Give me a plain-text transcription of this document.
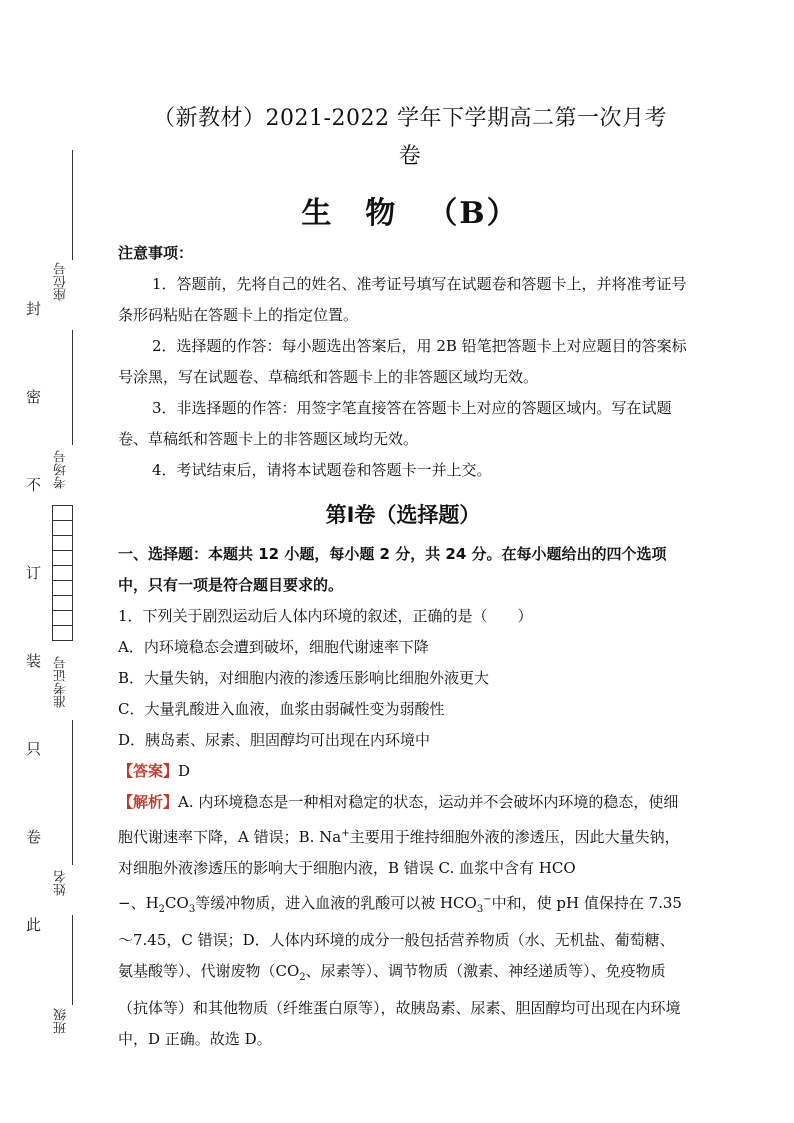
封
密
不
订
装
只
卷
此
座位号
考场号
准考证号
姓名
班级
（新教材）2021-2022 学年下学期高二第一次月考
卷
生　物 （B）

注意事项：

1．答题前，先将自己的姓名、准考证号填写在试题卷和答题卡上，并将准考证号条形码粘贴在答题卡上的指定位置。

2．选择题的作答：每小题选出答案后，用 2B 铅笔把答题卡上对应题目的答案标号涂黑，写在试题卷、草稿纸和答题卡上的非答题区域均无效。

3．非选择题的作答：用签字笔直接答在答题卡上对应的答题区域内。写在试题卷、草稿纸和答题卡上的非答题区域均无效。

4．考试结束后，请将本试题卷和答题卡一并上交。

第Ⅰ卷（选择题）

一、选择题：本题共 12 小题，每小题 2 分，共 24 分。在每小题给出的四个选项中，只有一项是符合题目要求的。

1．下列关于剧烈运动后人体内环境的叙述，正确的是（　　）

A．内环境稳态会遭到破坏，细胞代谢速率下降

B．大量失钠，对细胞内液的渗透压影响比细胞外液更大

C．大量乳酸进入血液，血浆由弱碱性变为弱酸性

D．胰岛素、尿素、胆固醇均可出现在内环境中

【答案】D

【解析】A. 内环境稳态是一种相对稳定的状态，运动并不会破坏内环境的稳态，使细胞代谢速率下降，A 错误；B. Na+主要用于维持细胞外液的渗透压，因此大量失钠，对细胞外液渗透压的影响大于细胞内液，B 错误 C. 血浆中含有 HCO
−、$H_2CO_3$等缓冲物质，进入血液的乳酸可以被 $HCO_3^-$中和，使 pH 值保持在 7.35～7.45，C 错误；D．人体内环境的成分一般包括营养物质（水、无机盐、葡萄糖、氨基酸等）、代谢废物（$CO_2$、尿素等）、调节物质（激素、神经递质等）、免疫物质（抗体等）和其他物质（纤维蛋白原等），故胰岛素、尿素、胆固醇均可出现在内环境中，D 正确。故选 D。
